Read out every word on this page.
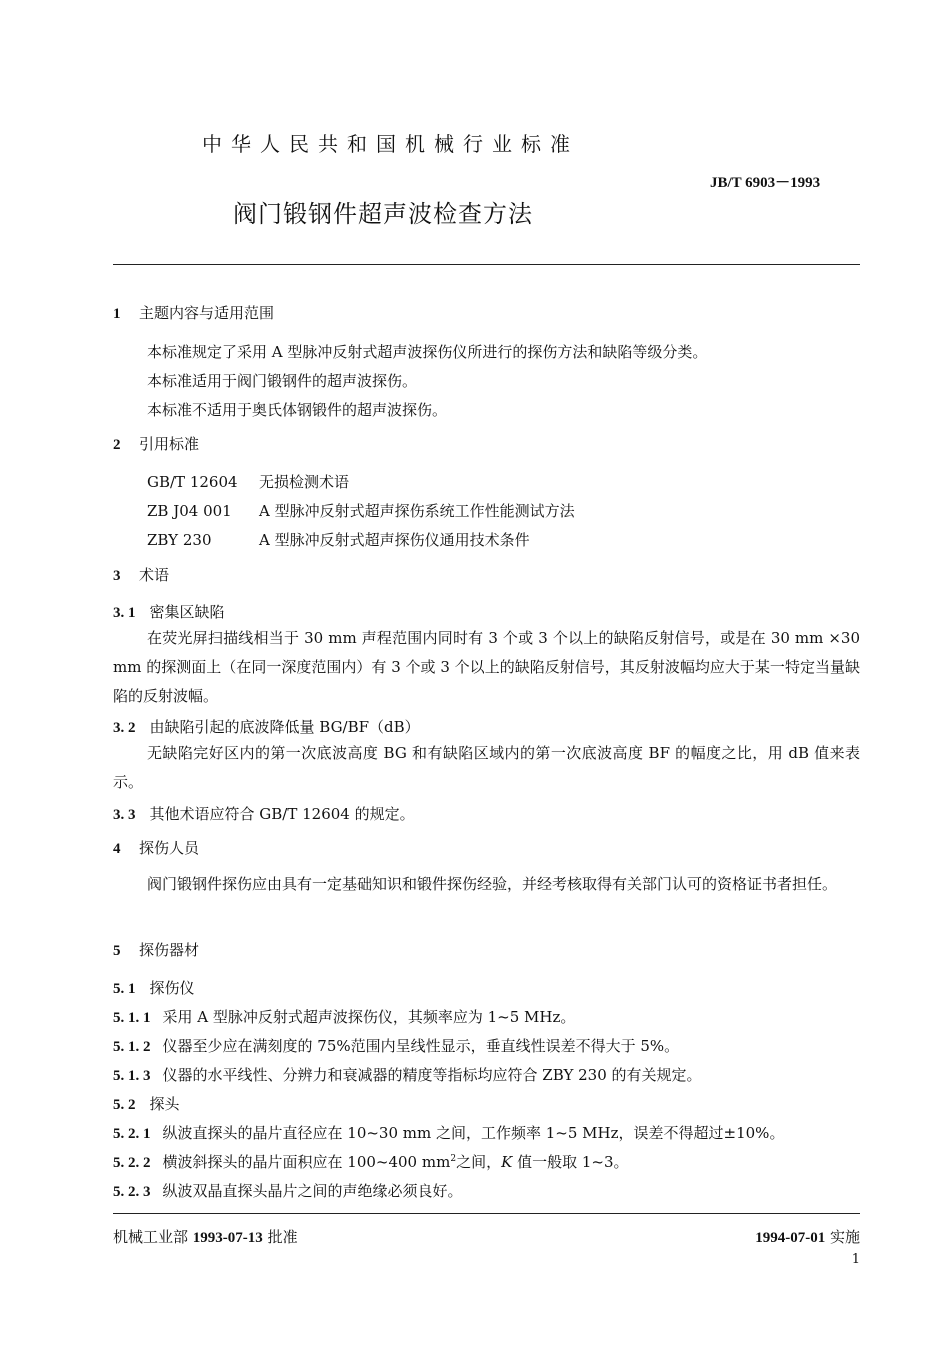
中华人民共和国机械行业标准
JB/T 6903－1993
阀门锻钢件超声波检查方法
1 主题内容与适用范围
本标准规定了采用 A 型脉冲反射式超声波探伤仪所进行的探伤方法和缺陷等级分类。
本标准适用于阀门锻钢件的超声波探伤。
本标准不适用于奥氏体钢锻件的超声波探伤。
2 引用标准
GB/T 12604 无损检测术语
ZB J04 001 A 型脉冲反射式超声探伤系统工作性能测试方法
ZBY 230	A 型脉冲反射式超声探伤仪通用技术条件
3 术语
3. 1 密集区缺陷

在荧光屏扫描线相当于 30 mm 声程范围内同时有 3 个或 3 个以上的缺陷反射信号，或是在 30 mm ×30 mm 的探测面上（在同一深度范围内）有 3 个或 3 个以上的缺陷反射信号，其反射波幅均应大于某一特定当量缺陷的反射波幅。

3. 2 由缺陷引起的底波降低量 BG/BF（dB）

无缺陷完好区内的第一次底波高度 BG 和有缺陷区域内的第一次底波高度 BF 的幅度之比，用 dB 值来表示。

3. 3 其他术语应符合 GB/T 12604 的规定。
4 探伤人员

阀门锻钢件探伤应由具有一定基础知识和锻件探伤经验，并经考核取得有关部门认可的资格证书者担任。

5 探伤器材
5. 1 探伤仪
5. 1. 1 采用 A 型脉冲反射式超声波探伤仪，其频率应为 1~5 MHz。
5. 1. 2 仪器至少应在满刻度的 75%范围内呈线性显示，垂直线性误差不得大于 5%。
5. 1. 3 仪器的水平线性、分辨力和衰减器的精度等指标均应符合 ZBY 230 的有关规定。
5. 2 探头
5. 2. 1 纵波直探头的晶片直径应在 10~30 mm 之间，工作频率 1~5 MHz，误差不得超过±10%。
5. 2. 2 横波斜探头的晶片面积应在 100~400 $mm^2$之间，K 值一般取 1~3。
5. 2. 3 纵波双晶直探头晶片之间的声绝缘必须良好。
机械工业部 1993-07-13 批准	1994-07-01 实施
1
